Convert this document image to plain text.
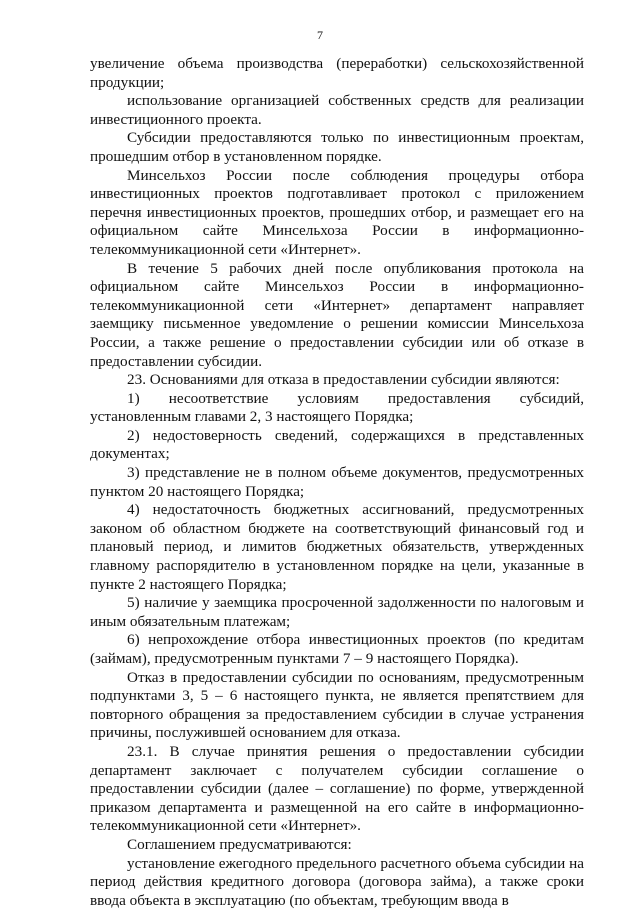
7

увеличение объема производства (переработки) сельскохозяйственной продукции;

использование организацией собственных средств для реализации инвестиционного проекта.

Субсидии предоставляются только по инвестиционным проектам, прошедшим отбор в установленном порядке.

Минсельхоз России после соблюдения процедуры отбора инвестиционных проектов подготавливает протокол с приложением перечня инвестиционных проектов, прошедших отбор, и размещает его на официальном сайте Минсельхоза России в информационно-телекоммуникационной сети «Интернет».

В течение 5 рабочих дней после опубликования протокола на официальном сайте Минсельхоз России в информационно-телекоммуникационной сети «Интернет» департамент направляет заемщику письменное уведомление о решении комиссии Минсельхоза России, а также решение о предоставлении субсидии или об отказе в предоставлении субсидии.

23. Основаниями для отказа в предоставлении субсидии являются:

1) несоответствие условиям предоставления субсидий, установленным главами 2, 3 настоящего Порядка;

2) недостоверность сведений, содержащихся в представленных документах;

3) представление не в полном объеме документов, предусмотренных пунктом 20 настоящего Порядка;

4) недостаточность бюджетных ассигнований, предусмотренных законом об областном бюджете на соответствующий финансовый год и плановый период, и лимитов бюджетных обязательств, утвержденных главному распорядителю в установленном порядке на цели, указанные в пункте 2 настоящего Порядка;

5) наличие у заемщика просроченной задолженности по налоговым и иным обязательным платежам;

6) непрохождение отбора инвестиционных проектов (по кредитам (займам), предусмотренным пунктами 7 – 9 настоящего Порядка).

Отказ в предоставлении субсидии по основаниям, предусмотренным подпунктами 3, 5 – 6 настоящего пункта, не является препятствием для повторного обращения за предоставлением субсидии в случае устранения причины, послужившей основанием для отказа.

23.1. В случае принятия решения о предоставлении субсидии департамент заключает с получателем субсидии соглашение о предоставлении субсидии (далее – соглашение) по форме, утвержденной приказом департамента и размещенной на его сайте в информационно-телекоммуникационной сети «Интернет».

Соглашением предусматриваются:

установление ежегодного предельного расчетного объема субсидии на период действия кредитного договора (договора займа), а также сроки ввода объекта в эксплуатацию (по объектам, требующим ввода в
